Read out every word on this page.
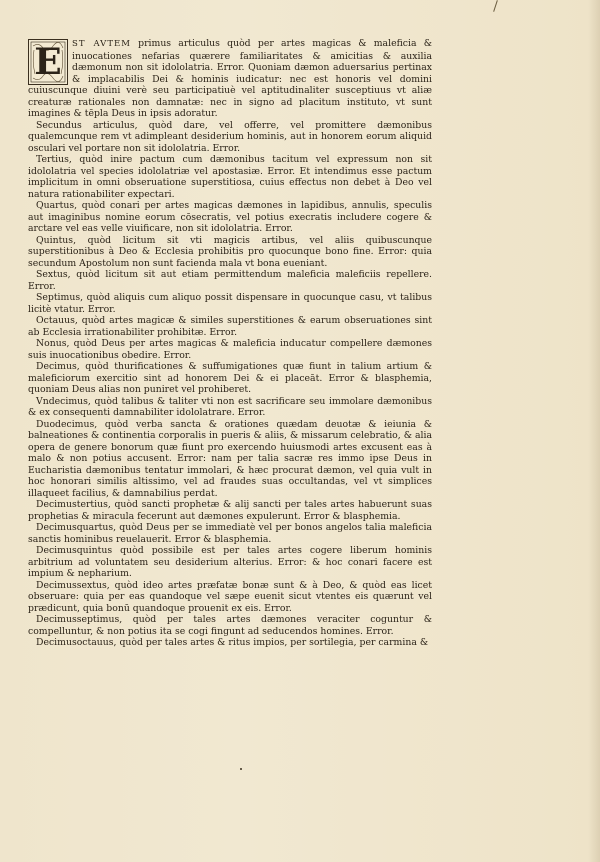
E	ST AVTEM primus articulus quòd per artes magicas & maleficia & inuocationes nefarias quærere familiaritates & amicitias & auxilia dæmonum non sit idololatria. Error. Quoniam dæmon aduersarius pertinax & implacabilis Dei & hominis iudicatur: nec est honoris vel domini cuiuscunque diuini verè seu participatiuè vel aptitudinaliter susceptiuus vt aliæ creaturæ rationales non damnatæ: nec in signo ad placitum instituto, vt sunt imagines & tēpla Deus in ipsis adoratur.

Secundus articulus, quòd dare, vel offerre, vel promittere dæmonibus qualemcunque rem vt adimpleant desiderium hominis, aut in honorem eorum aliquid osculari vel portare non sit idololatria. Error.

Tertius, quòd inire pactum cum dæmonibus tacitum vel expressum non sit idololatria vel species idololatriæ vel apostasiæ. Error. Et intendimus esse pactum implicitum in omni obseruatione superstitiosa, cuius effectus non debet à Deo vel natura rationabiliter expectari.

Quartus, quòd conari per artes magicas dæmones in lapidibus, annulis, speculis aut imaginibus nomine eorum cōsecratis, vel potius execratis includere cogere & arctare vel eas velle viuificare, non sit idololatria. Error.

Quintus, quòd licitum sit vti magicis artibus, vel aliis quibuscunque superstitionibus à Deo & Ecclesia prohibitis pro quocunque bono fine. Error: quia secundum Apostolum non sunt facienda mala vt bona eueniant.

Sextus, quòd licitum sit aut etiam permittendum maleficia maleficiis repellere. Error.

Septimus, quòd aliquis cum aliquo possit dispensare in quocunque casu, vt talibus licitè vtatur. Error.

Octauus, quòd artes magicæ & similes superstitiones & earum obseruationes sint ab Ecclesia irrationabiliter prohibitæ. Error.

Nonus, quòd Deus per artes magicas & maleficia inducatur compellere dæmones suis inuocationibus obedire. Error.

Decimus, quòd thurificationes & suffumigationes quæ fiunt in talium artium & maleficiorum exercitio sint ad honorem Dei & ei placeāt. Error & blasphemia, quoniam Deus alias non puniret vel prohiberet.

Vndecimus, quòd talibus & taliter vti non est sacrificare seu immolare dæmonibus & ex consequenti damnabiliter idololatrare. Error.

Duodecimus, quòd verba sancta & orationes quædam deuotæ & ieiunia & balneationes & continentia corporalis in pueris & aliis, & missarum celebratio, & alia opera de genere bonorum quæ fiunt pro exercendo huiusmodi artes excusent eas à malo & non potius accusent. Error: nam per talia sacræ res immo ipse Deus in Eucharistia dæmonibus tentatur immolari, & hæc procurat dæmon, vel quia vult in hoc honorari similis altissimo, vel ad fraudes suas occultandas, vel vt simplices illaqueet facilius, & damnabilius perdat.

Decimustertius, quòd sancti prophetæ & alij sancti per tales artes habuerunt suas prophetias & miracula fecerunt aut dæmones expulerunt. Error & blasphemia.

Decimusquartus, quòd Deus per se immediatè vel per bonos angelos talia maleficia sanctis hominibus reuelauerit. Error & blasphemia.

Decimusquintus quòd possibile est per tales artes cogere liberum hominis arbitrium ad voluntatem seu desiderium alterius. Error: & hoc conari facere est impium & nepharium.

Decimussextus, quòd ideo artes præfatæ bonæ sunt & à Deo, & quòd eas licet obseruare: quia per eas quandoque vel sæpe euenit sicut vtentes eis quærunt vel prædicunt, quia bonū quandoque prouenit ex eis. Error.

Decimusseptimus, quòd per tales artes dæmones veraciter coguntur & compelluntur, & non potius ita se cogi fingunt ad seducendos homines. Error.

Decimusoctauus, quòd per tales artes & ritus impios, per sortilegia, per carmina &
